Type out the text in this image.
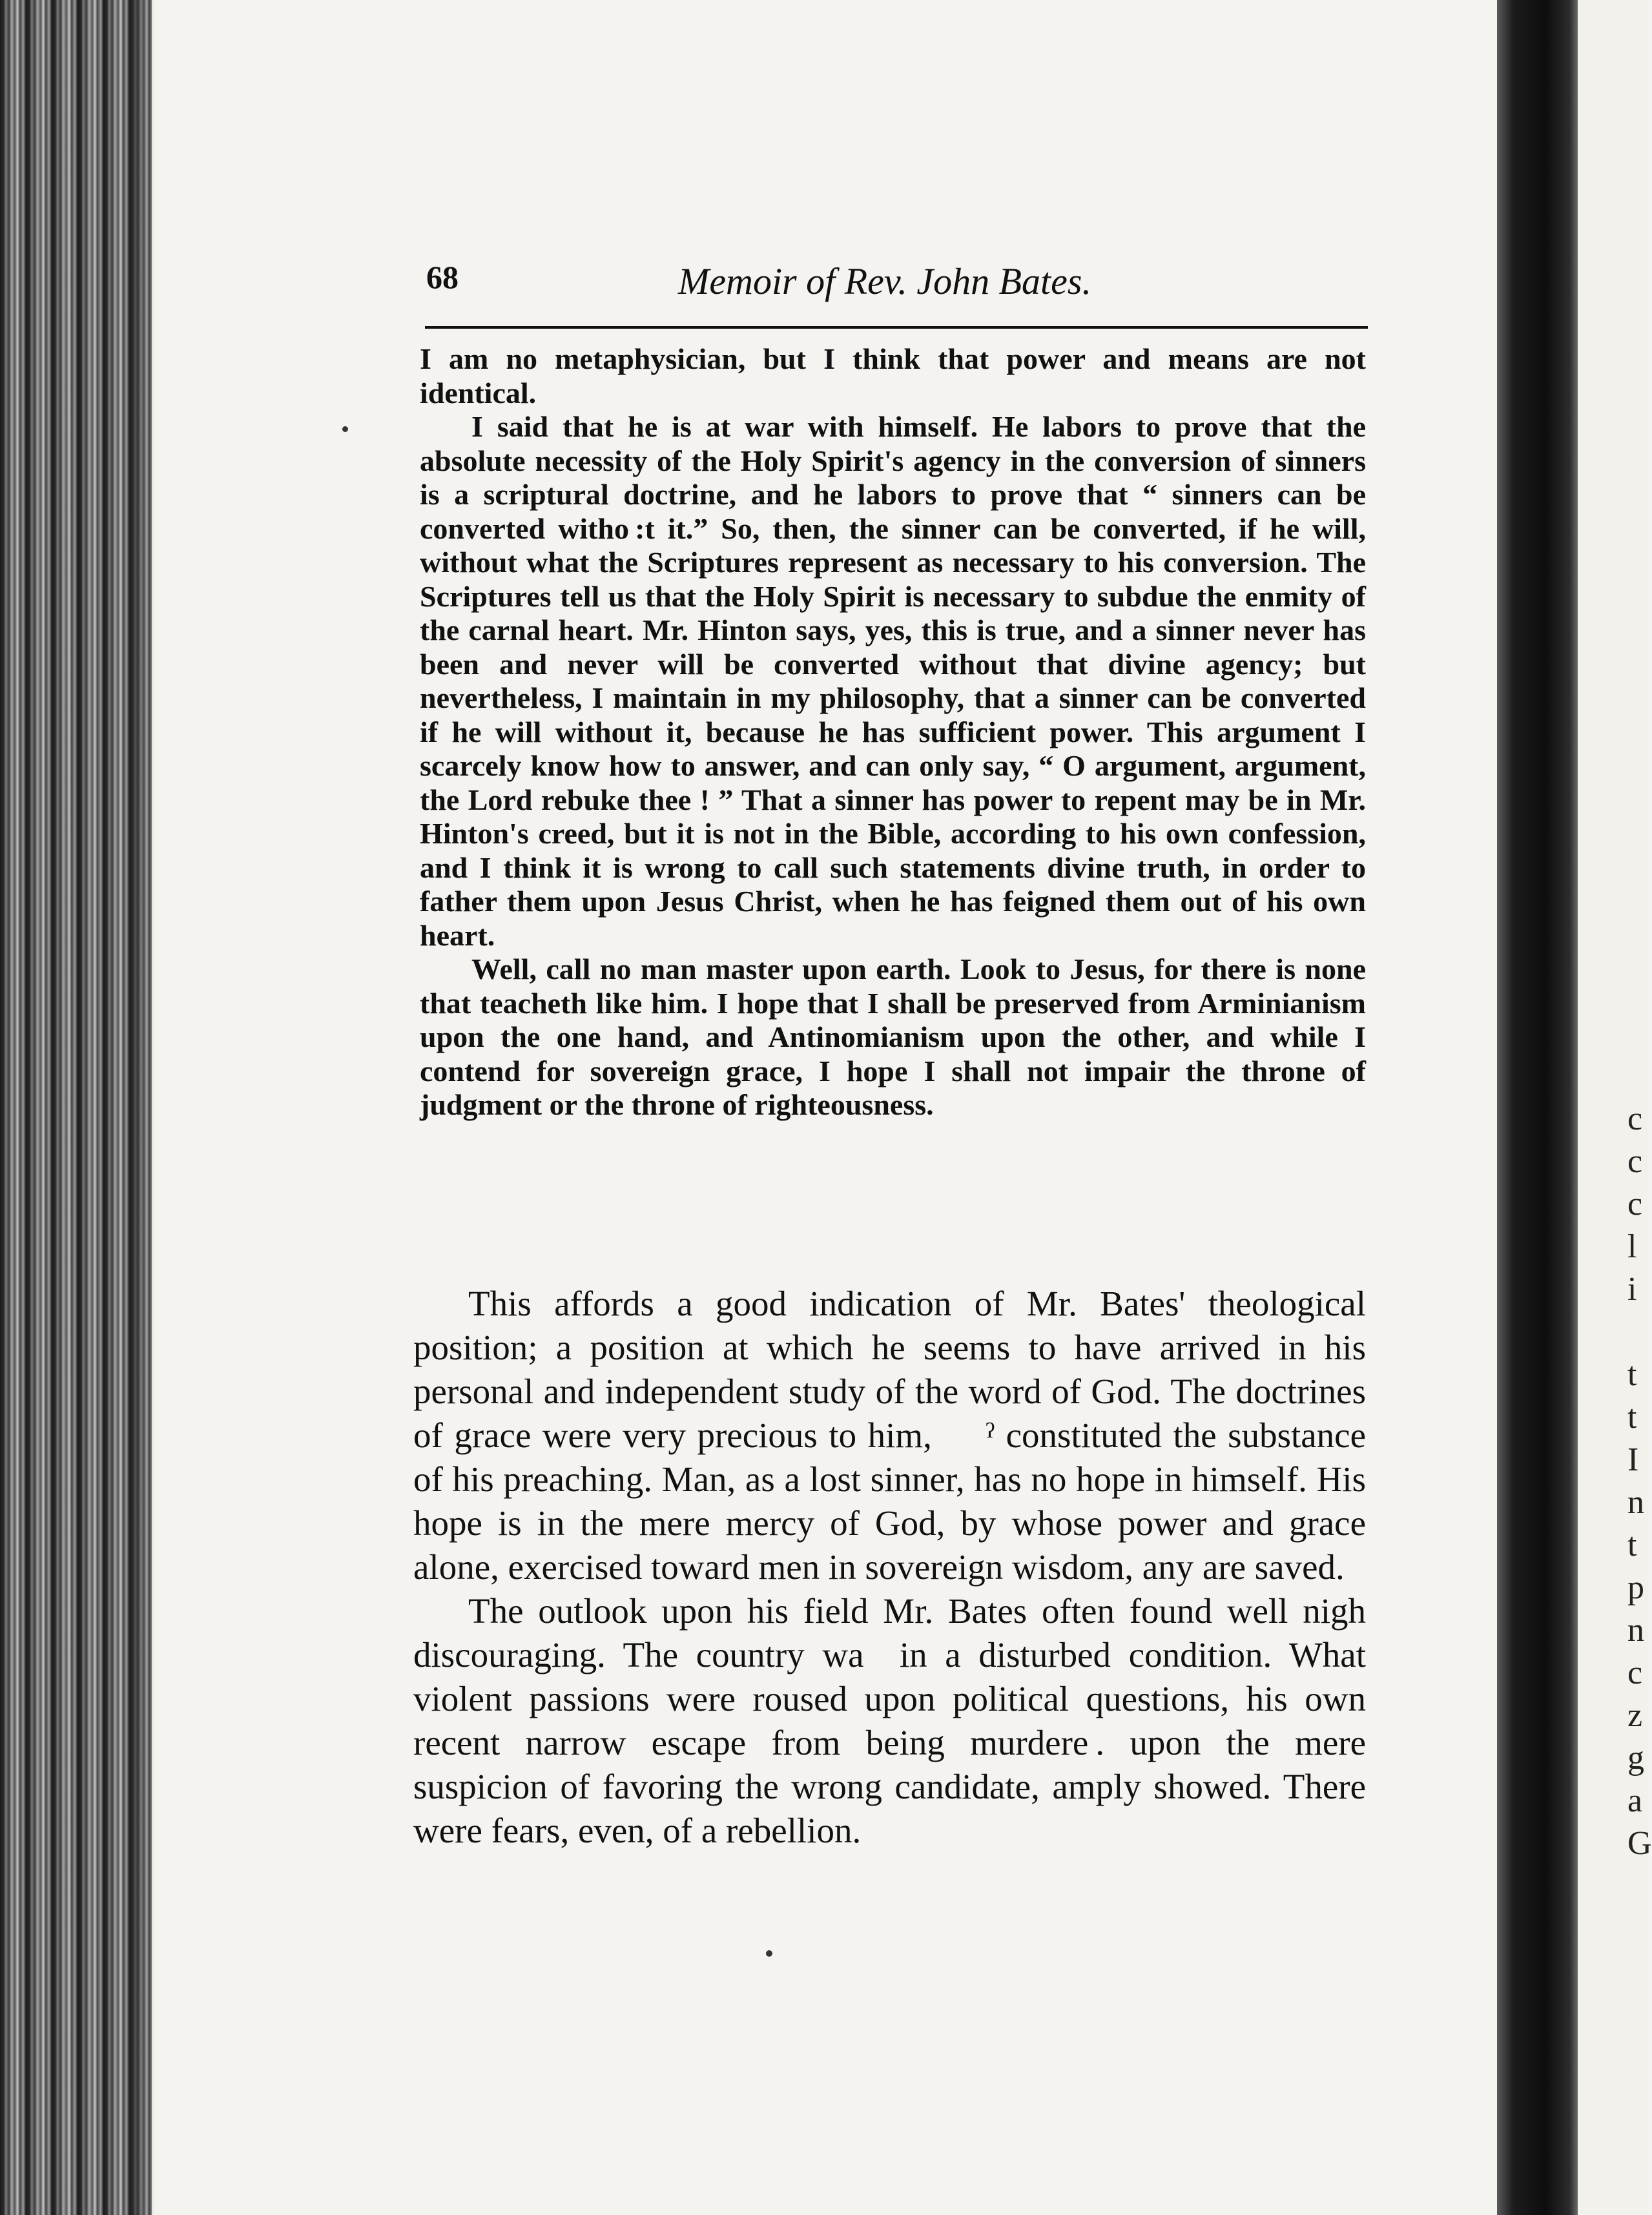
c
c
c
l
i
t
t
I
n
t
p
n
c
z
g
a
G
68	Memoir of Rev. John Bates.

I am no metaphysician, but I think that power and means are not identical.

I said that he is at war with himself. He labors to prove that the absolute necessity of the Holy Spirit's agency in the conversion of sinners is a scriptural doctrine, and he labors to prove that “ sinners can be converted witho :t it.” So, then, the sinner can be converted, if he will, without what the Scriptures represent as necessary to his conversion. The Scriptures tell us that the Holy Spirit is necessary to subdue the enmity of the carnal heart. Mr. Hinton says, yes, this is true, and a sinner never has been and never will be converted without that divine agency; but nevertheless, I maintain in my philosophy, that a sinner can be converted if he will without it, because he has sufficient power. This argument I scarcely know how to answer, and can only say, “ O argument, argument, the Lord rebuke thee ! ” That a sinner has power to repent may be in Mr. Hinton's creed, but it is not in the Bible, according to his own confession, and I think it is wrong to call such statements divine truth, in order to father them upon Jesus Christ, when he has feigned them out of his own heart.

Well, call no man master upon earth. Look to Jesus, for there is none that teacheth like him. I hope that I shall be preserved from Arminianism upon the one hand, and Antinomianism upon the other, and while I contend for sovereign grace, I hope I shall not impair the throne of judgment or the throne of righteousness.

This affords a good indication of Mr. Bates' theological position; a position at which he seems to have arrived in his personal and independent study of the word of God. The doctrines of grace were very precious to him,   ˀ constituted the substance of his preaching. Man, as a lost sinner, has no hope in himself. His hope is in the mere mercy of God, by whose power and grace alone, exercised toward men in sovereign wisdom, any are saved.

The outlook upon his field Mr. Bates often found well nigh discouraging. The country wa  in a disturbed condition. What violent passions were roused upon political questions, his own recent narrow escape from being murdere . upon the mere suspicion of favoring the wrong candidate, amply showed. There were fears, even, of a rebellion.
